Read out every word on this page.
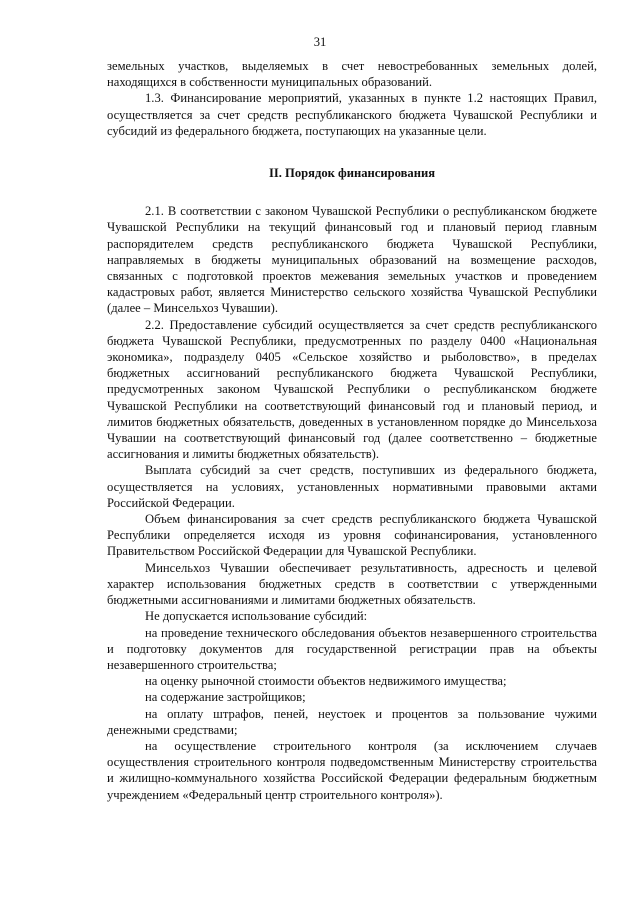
31

земельных участков, выделяемых в счет невостребованных земельных долей, находящихся в собственности муниципальных образований.

1.3. Финансирование мероприятий, указанных в пункте 1.2 настоящих Правил, осуществляется за счет средств республиканского бюджета Чувашской Республики и субсидий из федерального бюджета, поступающих на указанные цели.

II. Порядок финансирования

2.1. В соответствии с законом Чувашской Республики о республиканском бюджете Чувашской Республики на текущий финансовый год и плановый период главным распорядителем средств республиканского бюджета Чувашской Республики, направляемых в бюджеты муниципальных образований на возмещение расходов, связанных с подготовкой проектов межевания земельных участков и проведением кадастровых работ, является Министерство сельского хозяйства Чувашской Республики (далее – Минсельхоз Чувашии).

2.2. Предоставление субсидий осуществляется за счет средств республиканского бюджета Чувашской Республики, предусмотренных по разделу 0400 «Национальная экономика», подразделу 0405 «Сельское хозяйство и рыболовство», в пределах бюджетных ассигнований республиканского бюджета Чувашской Республики, предусмотренных законом Чувашской Республики о республиканском бюджете Чувашской Республики на соответствующий финансовый год и плановый период, и лимитов бюджетных обязательств, доведенных в установленном порядке до Минсельхоза Чувашии на соответствующий финансовый год (далее соответственно – бюджетные ассигнования и лимиты бюджетных обязательств).

Выплата субсидий за счет средств, поступивших из федерального бюджета, осуществляется на условиях, установленных нормативными правовыми актами Российской Федерации.

Объем финансирования за счет средств республиканского бюджета Чувашской Республики определяется исходя из уровня софинансирования, установленного Правительством Российской Федерации для Чувашской Республики.

Минсельхоз Чувашии обеспечивает результативность, адресность и целевой характер использования бюджетных средств в соответствии с утвержденными бюджетными ассигнованиями и лимитами бюджетных обязательств.

Не допускается использование субсидий:

на проведение технического обследования объектов незавершенного строительства и подготовку документов для государственной регистрации прав на объекты незавершенного строительства;

на оценку рыночной стоимости объектов недвижимого имущества;

на содержание застройщиков;

на оплату штрафов, пеней, неустоек и процентов за пользование чужими денежными средствами;

на осуществление строительного контроля (за исключением случаев осуществления строительного контроля подведомственным Министерству строительства и жилищно-коммунального хозяйства Российской Федерации федеральным бюджетным учреждением «Федеральный центр строительного контроля»).
